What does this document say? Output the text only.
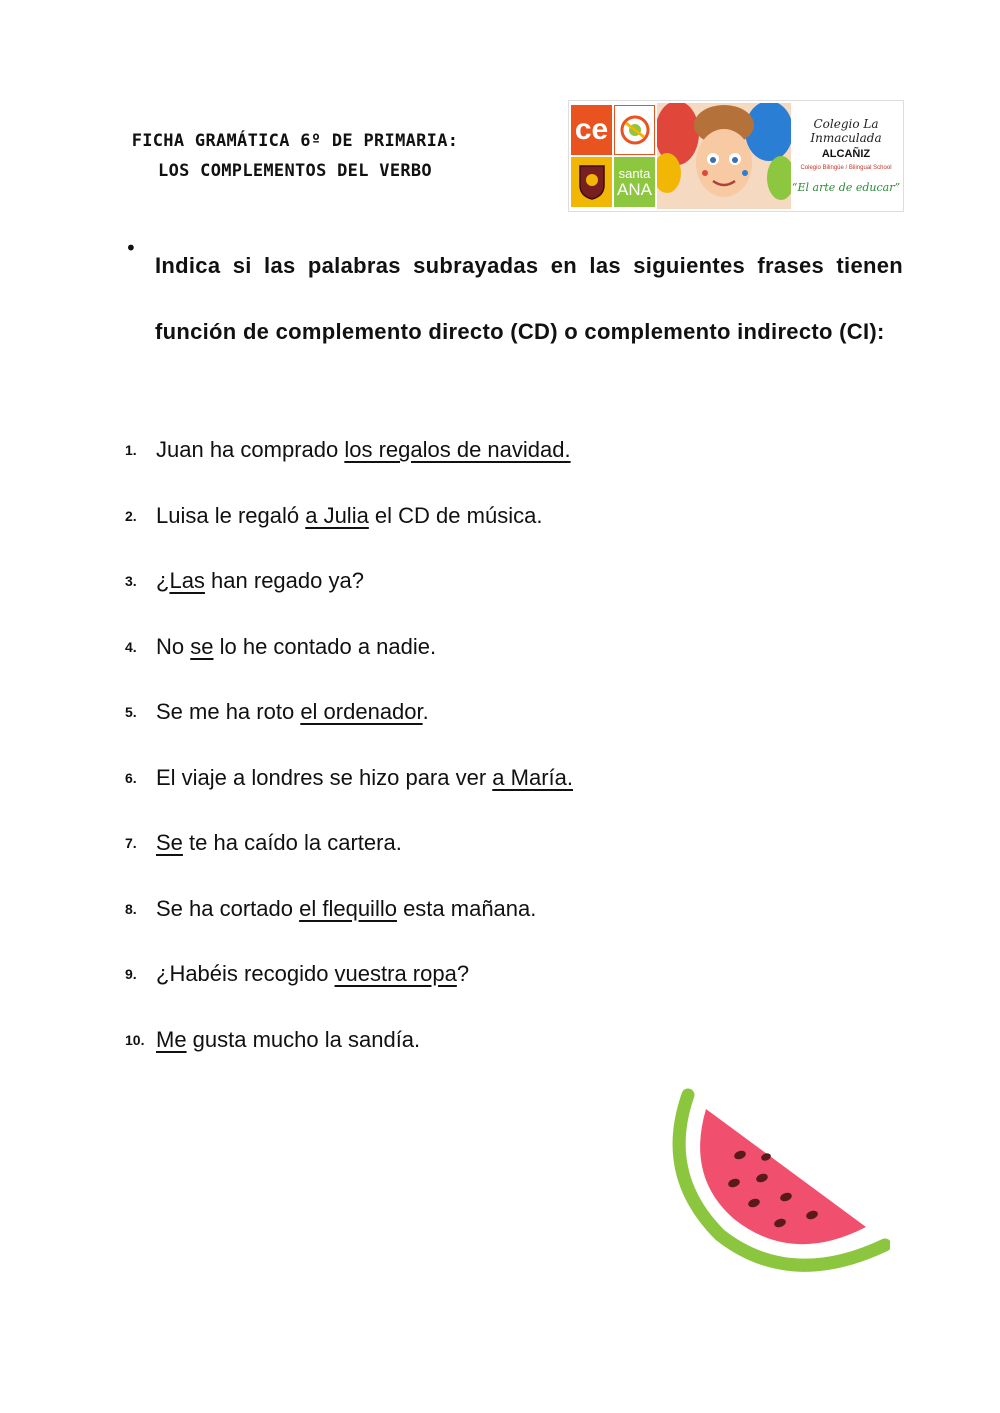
FICHA GRAMÁTICA 6º DE PRIMARIA:
LOS COMPLEMENTOS DEL VERBO
ce
santa
ANA
Colegio La Inmaculada
ALCAÑIZ
Colegio Bilingüe / Bilingual School
“El arte de educar”
•
Indica si las palabras subrayadas en las siguientes frases tienen función de complemento directo (CD) o complemento indirecto (CI):
1. Juan ha comprado los regalos de navidad.
2. Luisa le regaló a Julia el CD de música.
3. ¿Las han regado ya?
4. No se lo he contado a nadie.
5. Se me ha roto el ordenador.
6. El viaje a londres se hizo para ver a María.
7. Se te ha caído la cartera.
8. Se ha cortado el flequillo esta mañana.
9. ¿Habéis recogido vuestra ropa?
10. Me gusta mucho la sandía.
